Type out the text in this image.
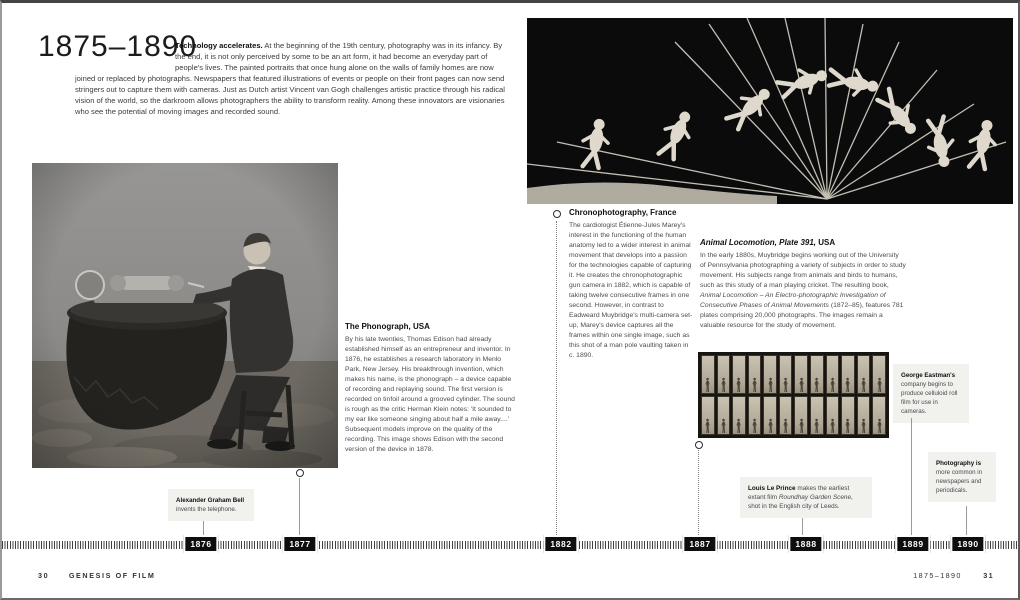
1875–1890
Technology accelerates. At the beginning of the 19th century, photography was in its infancy. By the end, it is not only perceived by some to be an art form, it had become an everyday part of people's lives. The painted portraits that once hung alone on the walls of family homes are now joined or replaced by photographs. Newspapers that featured illustrations of events or people on their front pages can now send stringers out to capture them with cameras. Just as Dutch artist Vincent van Gogh challenges artistic practice through his radical vision of the world, so the darkroom allows photographers the ability to transform reality. Among these innovators are visionaries who see the potential of moving images and recorded sound.
The Phonograph, USA
By his late twenties, Thomas Edison had already established himself as an entrepreneur and inventor. In 1876, he establishes a research laboratory in Menlo Park, New Jersey. His breakthrough invention, which makes his name, is the phonograph – a device capable of recording and replaying sound. The first version is recorded on tinfoil around a grooved cylinder. The sound is rough as the critic Herman Klein notes: 'It sounded to my ear like someone singing about half a mile away....' Subsequent models improve on the quality of the recording. This image shows Edison with the second version of the device in 1878.
Chronophotography, France
The cardiologist Étienne-Jules Marey's interest in the functioning of the human anatomy led to a wider interest in animal movement that develops into a passion for the technologies capable of capturing it. He creates the chronophotographic gun camera in 1882, which is capable of taking twelve consecutive frames in one second. However, in contrast to Eadweard Muybridge's multi-camera set-up, Marey's device captures all the frames within one single image, such as this shot of a man pole vaulting taken in c. 1890.
Animal Locomotion, Plate 391, USA
In the early 1880s, Muybridge begins working out of the University of Pennsylvania photographing a variety of subjects in order to study movement. His subjects range from animals and birds to humans, such as this study of a man playing cricket. The resulting book, Animal Locomotion – An Electro-photographic Investigation of Consecutive Phases of Animal Movements (1872–85), features 781 plates comprising 20,000 photographs. The images remain a valuable resource for the study of movement.
Alexander Graham Bell invents the telephone.
Louis Le Prince makes the earliest extant film Roundhay Garden Scene, shot in the English city of Leeds.
George Eastman's company begins to produce celluloid roll film for use in cameras.
Photography is more common in newspapers and periodicals.
1876	1877	1882	1887	1888	1889	1890
30	GENESIS OF FILM	1875–1890	31
